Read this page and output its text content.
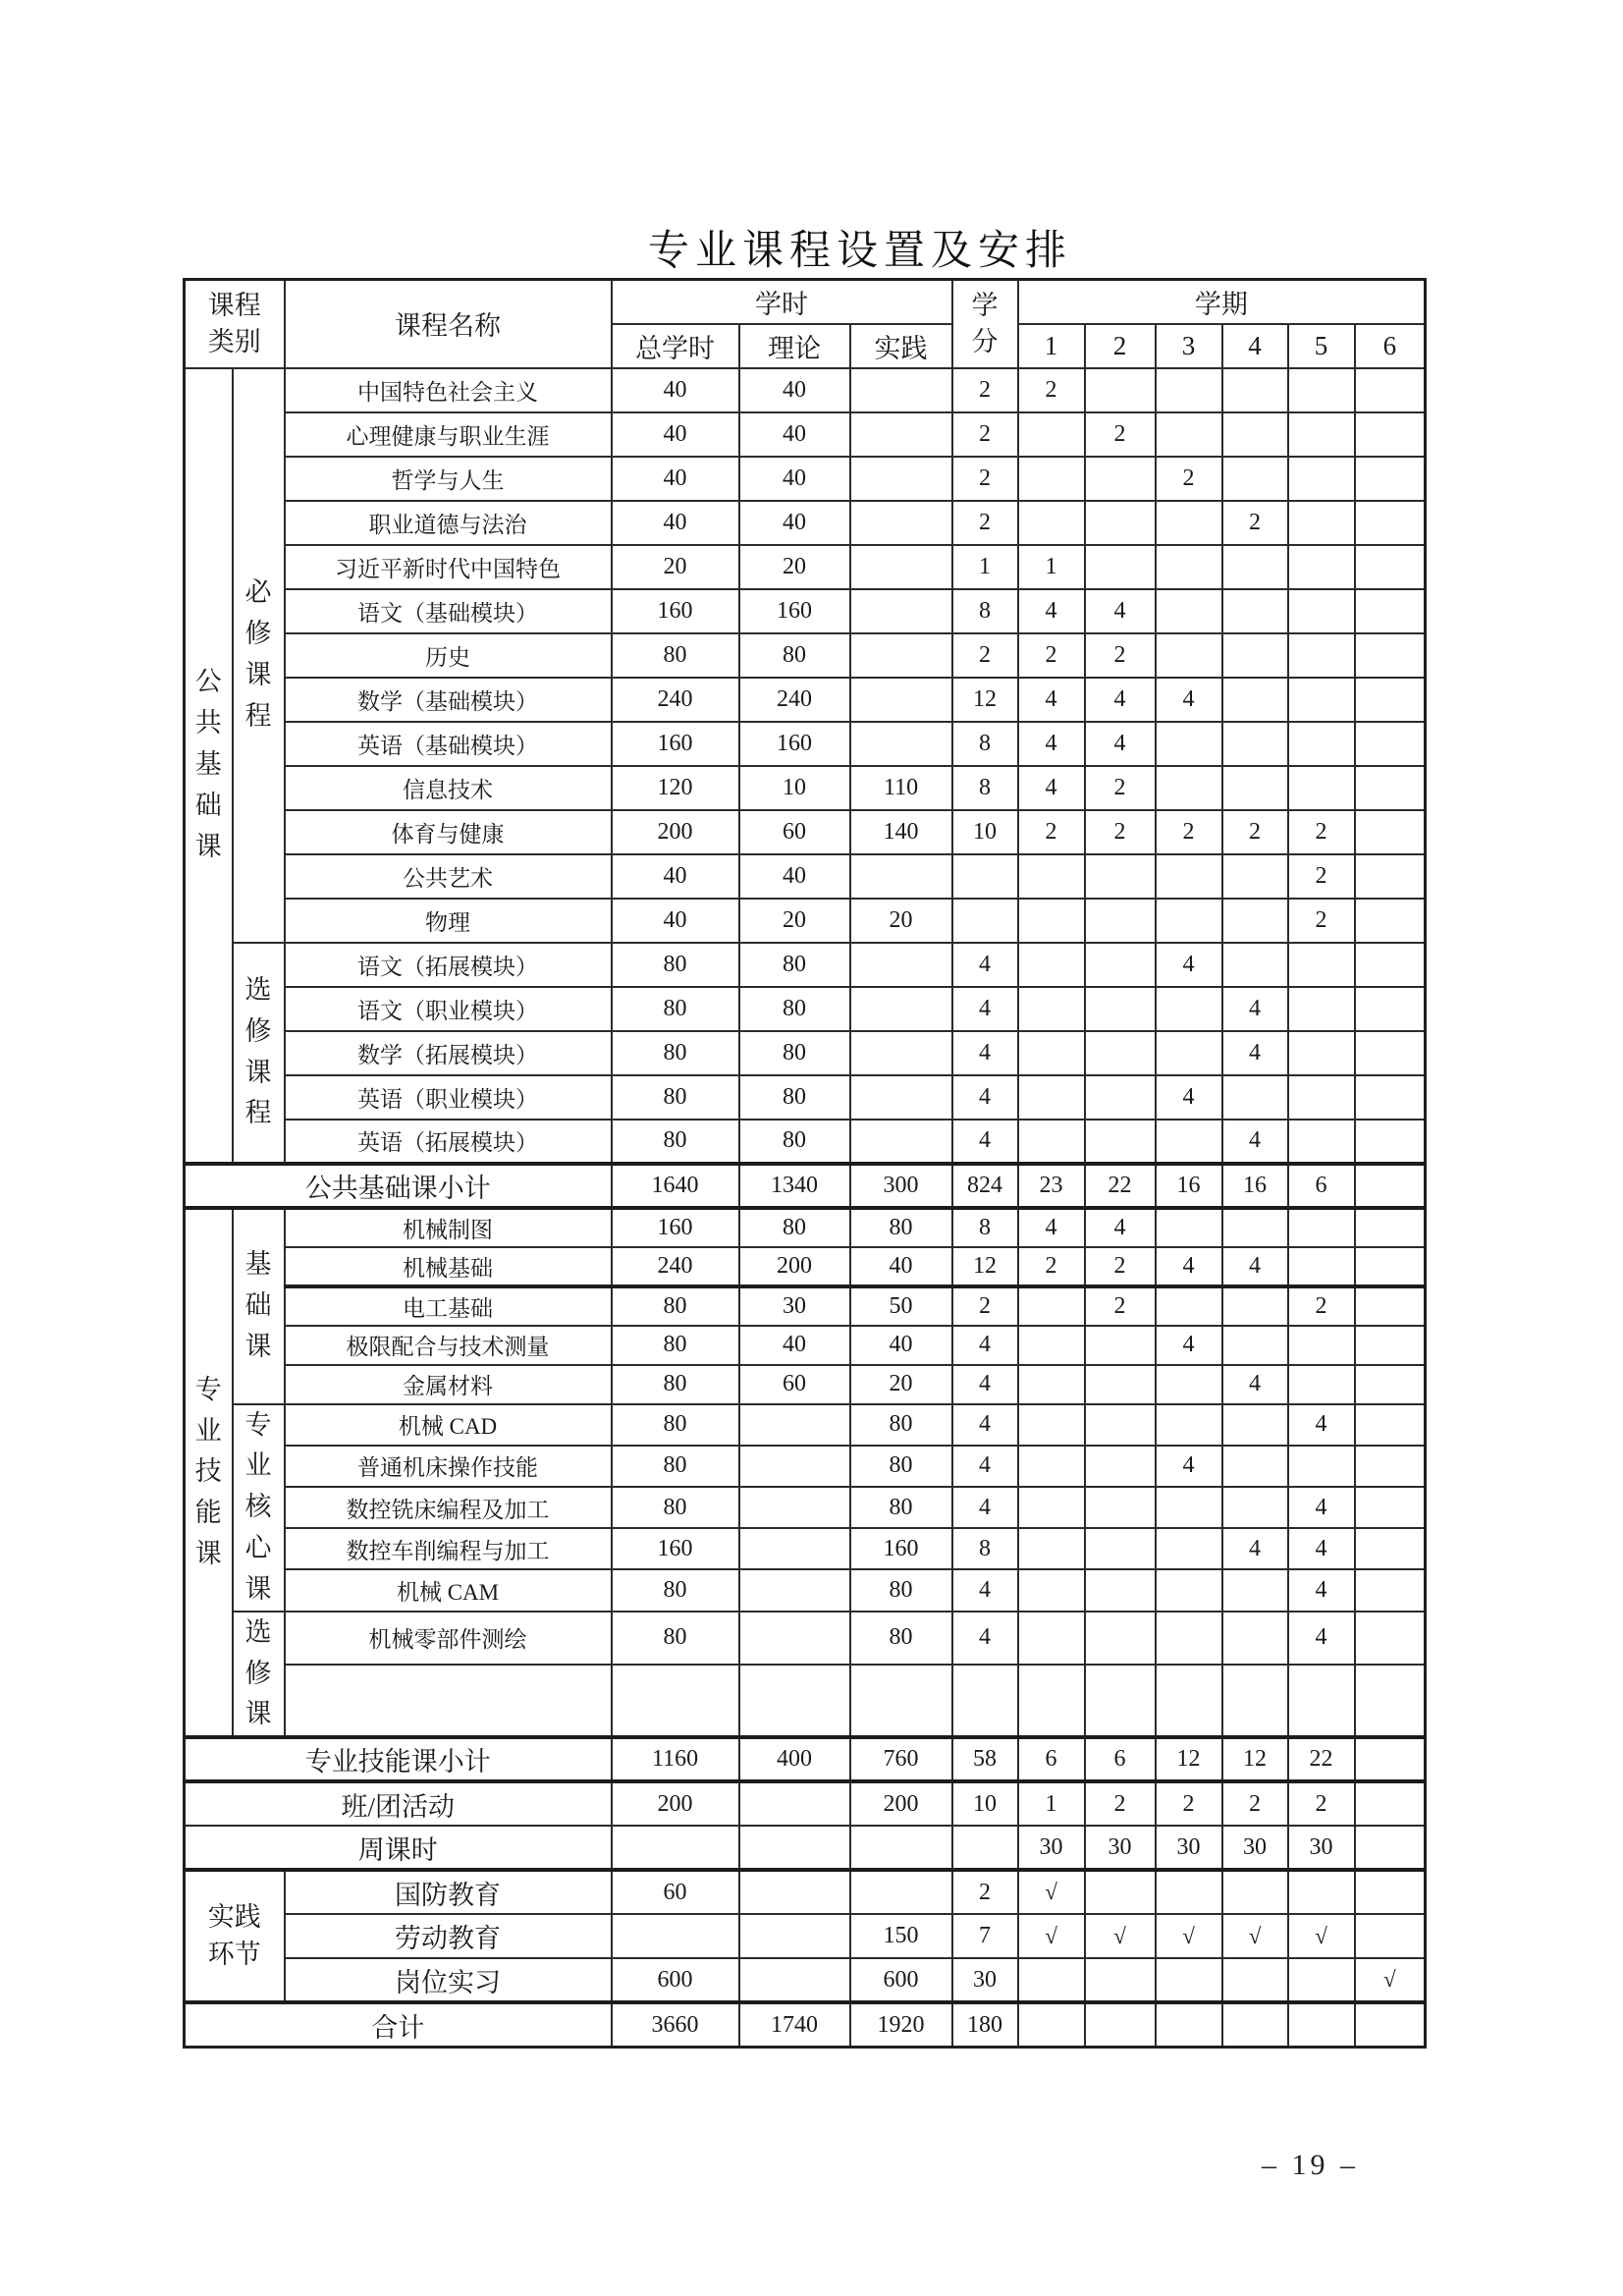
专业课程设置及安排
课程类别		课程名称	学时			学分	学期					
			总学时	理论	实践		1	2	3	4	5	6

公共基础课	必修课程	中国特色社会主义	40	40		2	2					
		心理健康与职业生涯	40	40		2		2				
		哲学与人生	40	40		2			2			
		职业道德与法治	40	40		2				2		
		习近平新时代中国特色	20	20		1	1					
		语文（基础模块）	160	160		8	4	4				
		历史	80	80		2	2	2				
		数学（基础模块）	240	240		12	4	4	4			
		英语（基础模块）	160	160		8	4	4				
		信息技术	120	10	110	8	4	2				
		体育与健康	200	60	140	10	2	2	2	2	2	
		公共艺术	40	40							2	
		物理	40	20	20						2	

	选修课程	语文（拓展模块）	80	80		4			4			
		语文（职业模块）	80	80		4				4		
		数学（拓展模块）	80	80		4				4		
		英语（职业模块）	80	80		4			4			
		英语（拓展模块）	80	80		4				4		
公共基础课小计			1640	1340	300	824	23	22	16	16	6	

专业技能课	基础课	机械制图	160	80	80	8	4	4				
		机械基础	240	200	40	12	2	2	4	4		
		电工基础	80	30	50	2		2			2	
		极限配合与技术测量	80	40	40	4			4			
		金属材料	80	60	20	4				4		

	专业核心课	机械 CAD	80		80	4					4	
		普通机床操作技能	80		80	4			4			
		数控铣床编程及加工	80		80	4					4	
		数控车削编程与加工	160		160	8				4	4	
		机械 CAM	80		80	4					4	

	选修课	机械零部件测绘	80		80	4					4	

专业技能课小计			1160	400	760	58	6	6	12	12	22	
班/团活动			200		200	10	1	2	2	2	2	
周课时							30	30	30	30	30	

实践环节		国防教育	60			2	√					
		劳动教育			150	7	√	√	√	√	√	
		岗位实习	600		600	30						√
合计			3660	1740	1920	180						
– 19 –
